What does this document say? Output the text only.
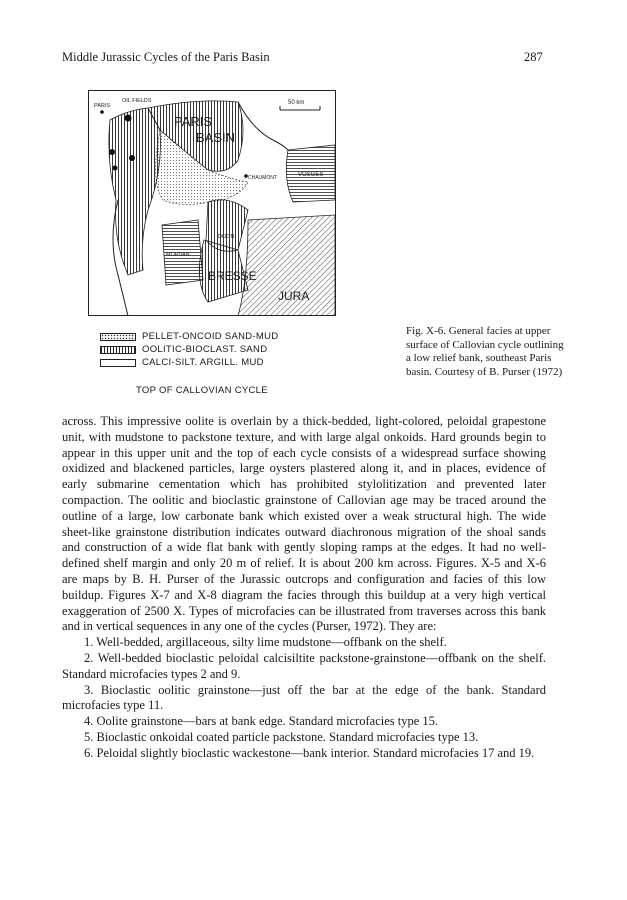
Middle Jurassic Cycles of the Paris Basin	287
PARIS
OIL FIELDS	50 km
PARIS
BASIN
CHAUMONT	VOSGES
DIJON
MORVAN
BRESSE
JURA
PELLET-ONCOID SAND-MUD
OOLITIC-BIOCLAST. SAND
CALCI-SILT. ARGILL. MUD
TOP OF CALLOVIAN CYCLE
Fig. X-6. General facies at upper surface of Callovian cycle outlining a low relief bank, southeast Paris basin. Courtesy of B. Purser (1972)

across. This impressive oolite is overlain by a thick-bedded, light-colored, peloidal grapestone unit, with mudstone to packstone texture, and with large algal onkoids. Hard grounds begin to appear in this upper unit and the top of each cycle consists of a widespread surface showing oxidized and blackened particles, large oysters plastered along it, and in places, evidence of early submarine cementation which has prohibited stylolitization and prevented later compaction. The oolitic and bioclastic grainstone of Callovian age may be traced around the outline of a large, low carbonate bank which existed over a weak structural high. The wide sheet-like grainstone distribution indicates outward diachronous migration of the shoal sands and construction of a wide flat bank with gently sloping ramps at the edges. It had no well-defined shelf margin and only 20 m of relief. It is about 200 km across. Figures. X-5 and X-6 are maps by B. H. Purser of the Jurassic outcrops and configuration and facies of this low buildup. Figures X-7 and X-8 diagram the facies through this buildup at a very high vertical exaggeration of 2500 X. Types of microfacies can be illustrated from traverses across this bank and in vertical sequences in any one of the cycles (Purser, 1972). They are:

1. Well-bedded, argillaceous, silty lime mudstone—offbank on the shelf.

2. Well-bedded bioclastic peloidal calcisiltite packstone-grainstone—offbank on the shelf. Standard microfacies types 2 and 9.

3. Bioclastic oolitic grainstone—just off the bar at the edge of the bank. Standard microfacies type 11.

4. Oolite grainstone—bars at bank edge. Standard microfacies type 15.

5. Bioclastic onkoidal coated particle packstone. Standard microfacies type 13.

6. Peloidal slightly bioclastic wackestone—bank interior. Standard microfacies 17 and 19.
